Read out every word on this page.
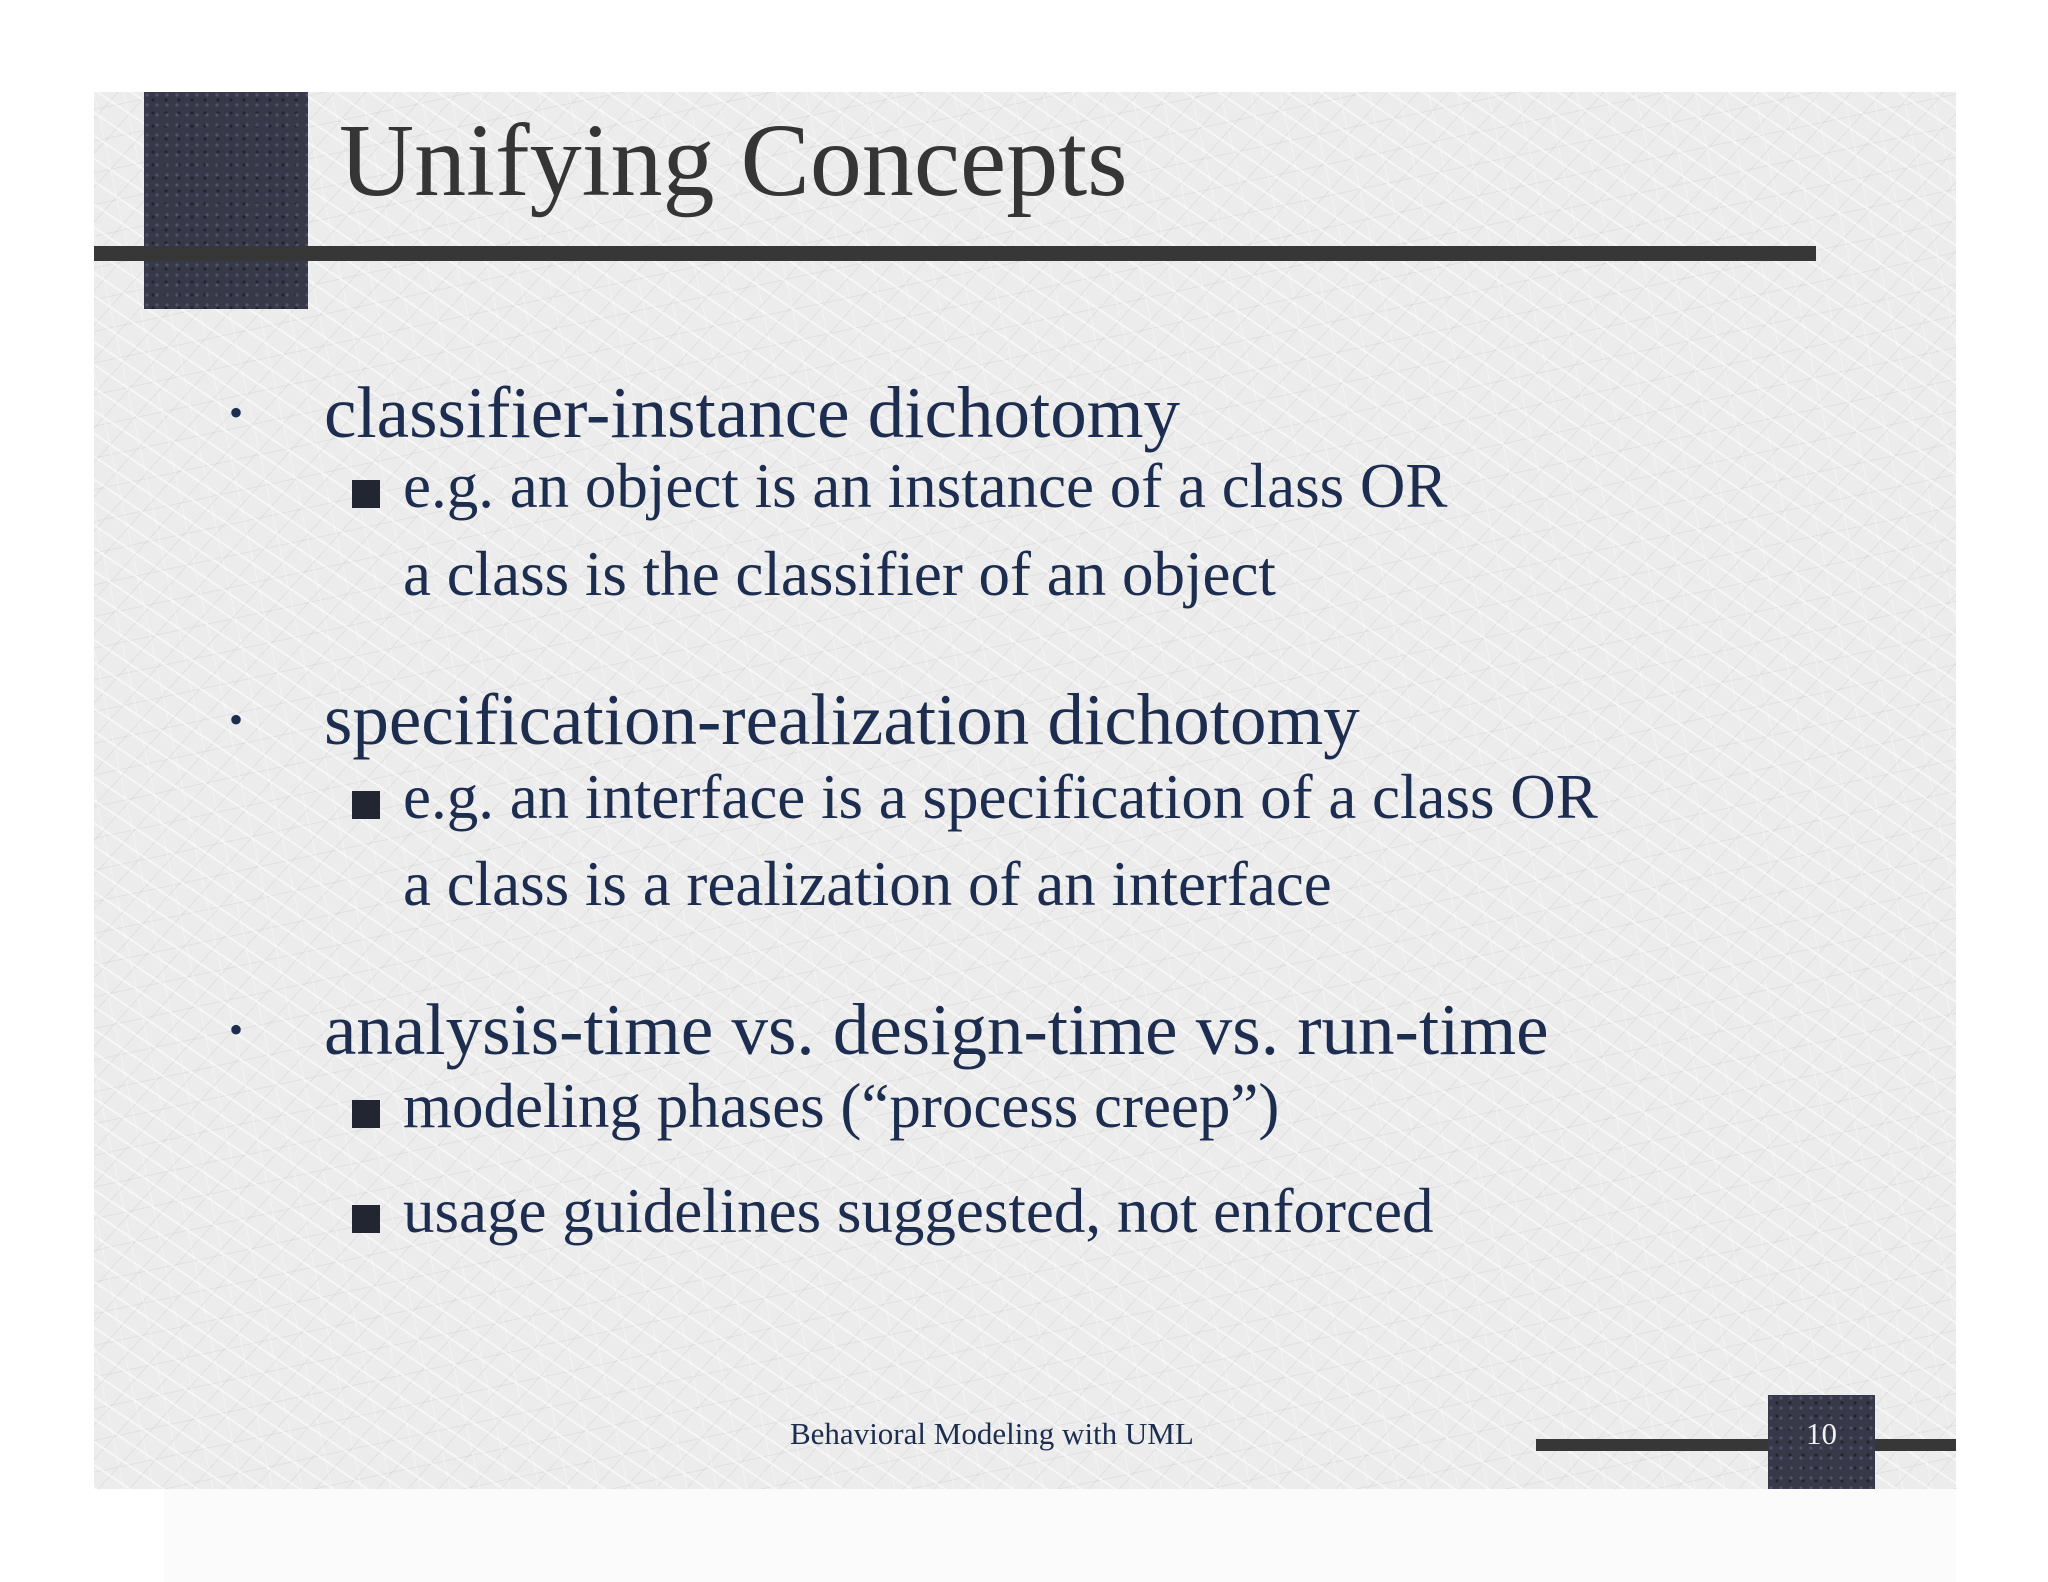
Unifying Concepts
• classifier-instance dichotomy
e.g. an object is an instance of a class OR
a class is the classifier of an object
• specification-realization dichotomy
e.g. an interface is a specification of a class OR
a class is a realization of an interface
• analysis-time vs. design-time vs. run-time
modeling phases (“process creep”)
usage guidelines suggested, not enforced
Behavioral Modeling with UML	10
